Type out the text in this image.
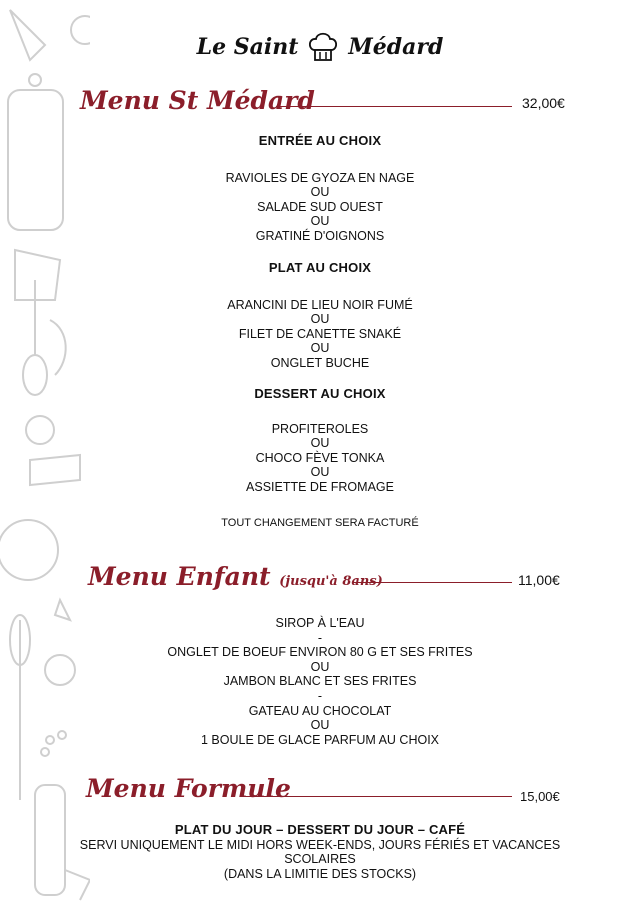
Le Saint Médard
Menu St Médard	32,00€
ENTRÉE AU CHOIX
RAVIOLES DE GYOZA EN NAGE
OU
SALADE SUD OUEST
OU
GRATINÉ D'OIGNONS
PLAT AU CHOIX
ARANCINI DE LIEU NOIR FUMÉ
OU
FILET DE CANETTE SNAKÉ
OU
ONGLET BUCHE
DESSERT AU CHOIX
PROFITEROLES
OU
CHOCO FÈVE TONKA
OU
ASSIETTE DE FROMAGE
TOUT CHANGEMENT SERA FACTURÉ
Menu Enfant (jusqu'à 8ans)	11,00€
SIROP À L'EAU
-
ONGLET DE BOEUF ENVIRON 80 G ET SES FRITES
OU
JAMBON BLANC ET SES FRITES
-
GATEAU AU CHOCOLAT
OU
1 BOULE DE GLACE PARFUM AU CHOIX
Menu Formule	15,00€
PLAT DU JOUR – DESSERT DU JOUR – CAFÉ
SERVI UNIQUEMENT LE MIDI HORS WEEK-ENDS, JOURS FÉRIÉS ET VACANCES
SCOLAIRES
(DANS LA LIMITIE DES STOCKS)
